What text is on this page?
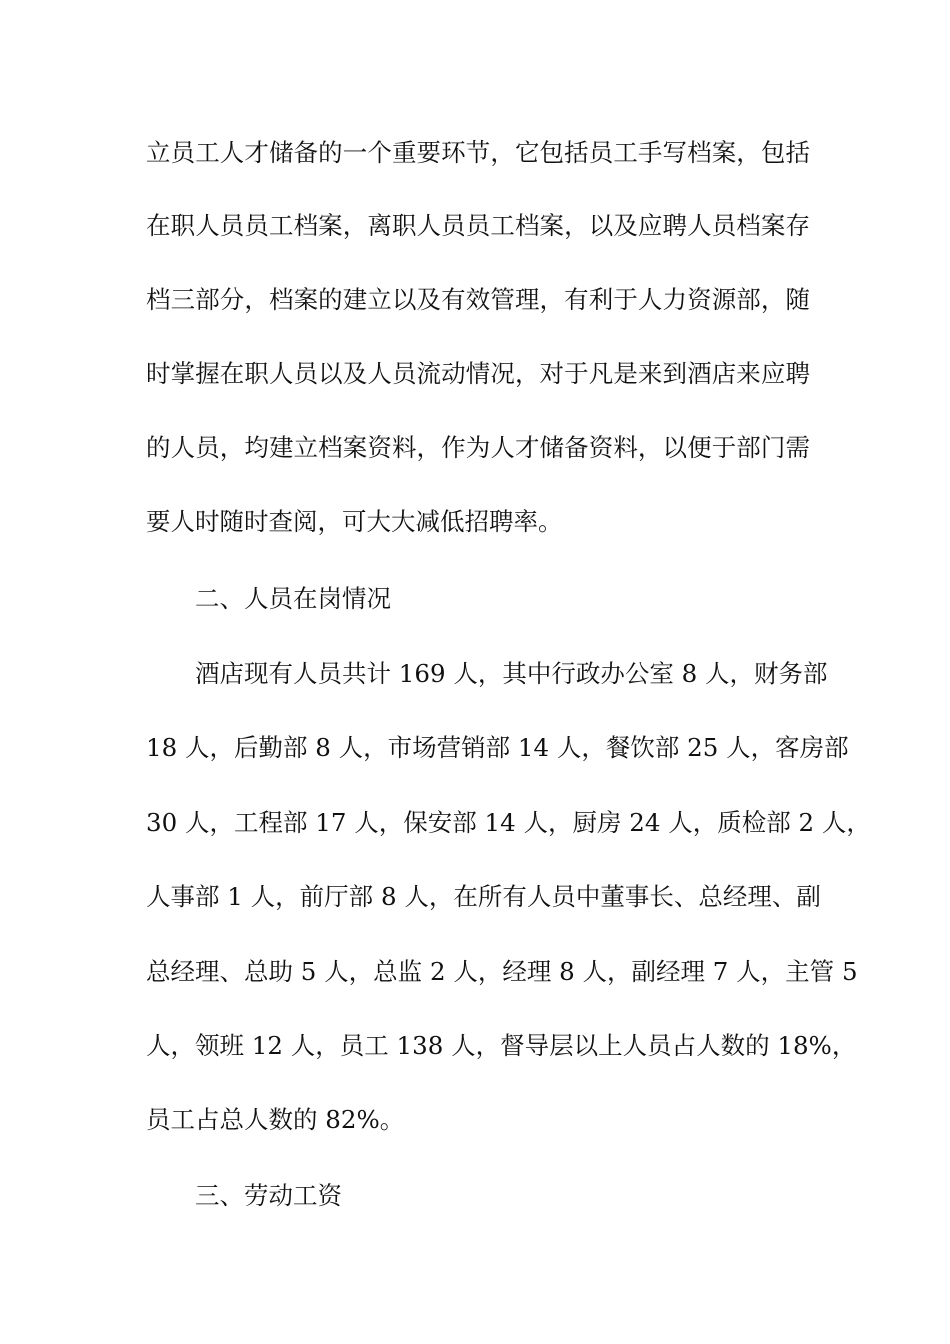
立员工人才储备的一个重要环节，它包括员工手写档案，包括
在职人员员工档案，离职人员员工档案，以及应聘人员档案存
档三部分，档案的建立以及有效管理，有利于人力资源部，随
时掌握在职人员以及人员流动情况，对于凡是来到酒店来应聘
的人员，均建立档案资料，作为人才储备资料，以便于部门需
要人时随时查阅，可大大减低招聘率。
二、人员在岗情况
酒店现有人员共计 169 人，其中行政办公室 8 人，财务部
18 人，后勤部 8 人，市场营销部 14 人，餐饮部 25 人，客房部
30 人，工程部 17 人，保安部 14 人，厨房 24 人，质检部 2 人，
人事部 1 人，前厅部 8 人，在所有人员中董事长、总经理、副
总经理、总助 5 人，总监 2 人，经理 8 人，副经理 7 人，主管 5
人，领班 12 人，员工 138 人，督导层以上人员占人数的 18%，
员工占总人数的 82%。
三、劳动工资
